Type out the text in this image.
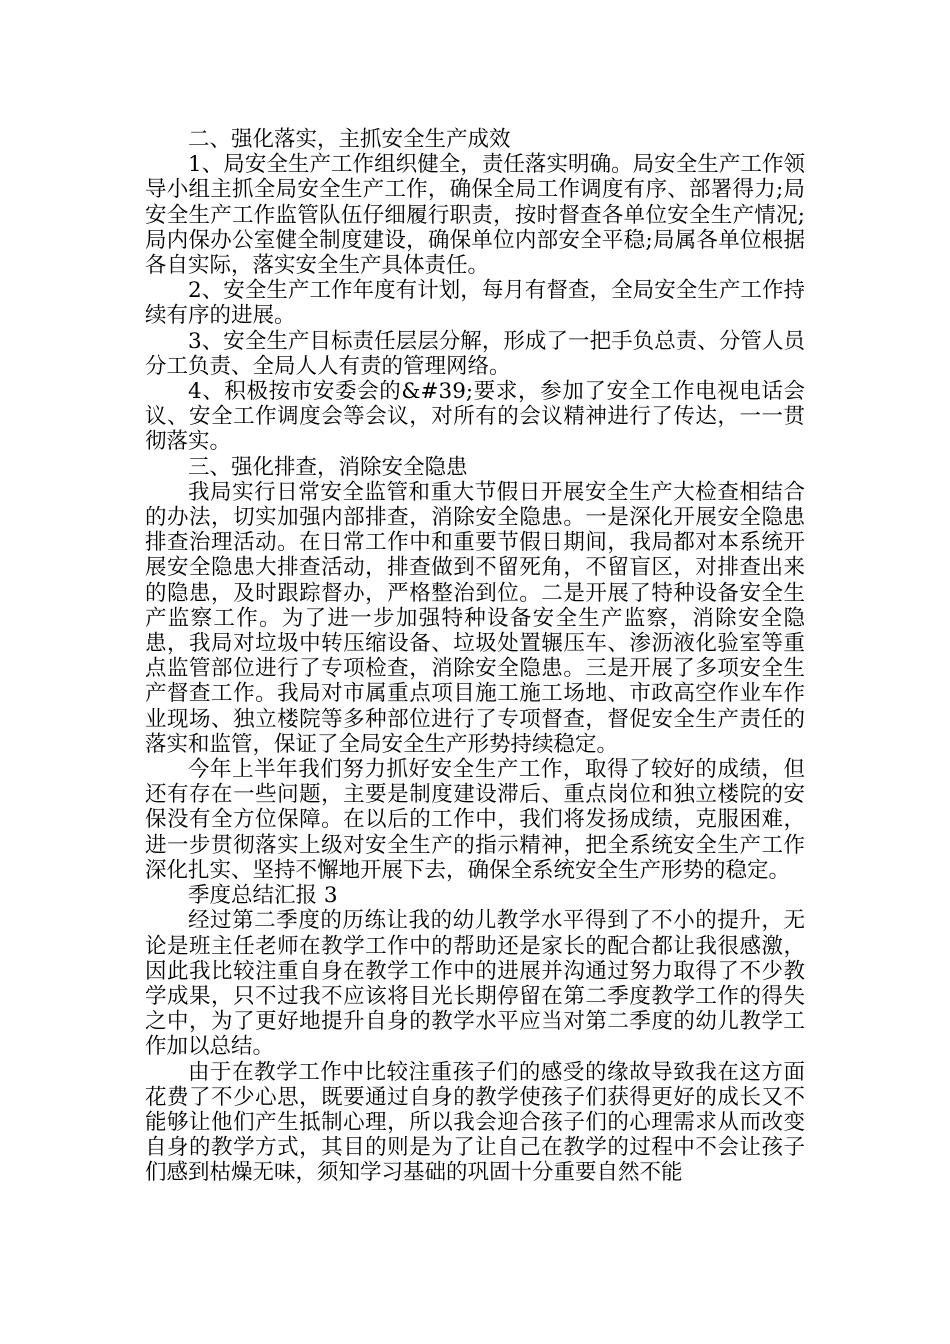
二、强化落实，主抓安全生产成效

1、局安全生产工作组织健全，责任落实明确。局安全生产工作领导小组主抓全局安全生产工作，确保全局工作调度有序、部署得力;局安全生产工作监管队伍仔细履行职责，按时督查各单位安全生产情况;局内保办公室健全制度建设，确保单位内部安全平稳;局属各单位根据各自实际，落实安全生产具体责任。

2、安全生产工作年度有计划，每月有督查，全局安全生产工作持续有序的进展。

3、安全生产目标责任层层分解，形成了一把手负总责、分管人员分工负责、全局人人有责的管理网络。

4、积极按市安委会的&#39;要求，参加了安全工作电视电话会议、安全工作调度会等会议，对所有的会议精神进行了传达，一一贯彻落实。

三、强化排查，消除安全隐患

我局实行日常安全监管和重大节假日开展安全生产大检查相结合的办法，切实加强内部排查，消除安全隐患。一是深化开展安全隐患排查治理活动。在日常工作中和重要节假日期间，我局都对本系统开展安全隐患大排查活动，排查做到不留死角，不留盲区，对排查出来的隐患，及时跟踪督办，严格整治到位。二是开展了特种设备安全生产监察工作。为了进一步加强特种设备安全生产监察，消除安全隐患，我局对垃圾中转压缩设备、垃圾处置辗压车、渗沥液化验室等重点监管部位进行了专项检查，消除安全隐患。三是开展了多项安全生产督查工作。我局对市属重点项目施工施工场地、市政高空作业车作业现场、独立楼院等多种部位进行了专项督查，督促安全生产责任的落实和监管，保证了全局安全生产形势持续稳定。

今年上半年我们努力抓好安全生产工作，取得了较好的成绩，但还有存在一些问题，主要是制度建设滞后、重点岗位和独立楼院的安保没有全方位保障。在以后的工作中，我们将发扬成绩，克服困难，进一步贯彻落实上级对安全生产的指示精神，把全系统安全生产工作深化扎实、坚持不懈地开展下去，确保全系统安全生产形势的稳定。

季度总结汇报 3

经过第二季度的历练让我的幼儿教学水平得到了不小的提升，无论是班主任老师在教学工作中的帮助还是家长的配合都让我很感激，因此我比较注重自身在教学工作中的进展并沟通过努力取得了不少教学成果，只不过我不应该将目光长期停留在第二季度教学工作的得失之中，为了更好地提升自身的教学水平应当对第二季度的幼儿教学工作加以总结。

由于在教学工作中比较注重孩子们的感受的缘故导致我在这方面花费了不少心思，既要通过自身的教学使孩子们获得更好的成长又不能够让他们产生抵制心理，所以我会迎合孩子们的心理需求从而改变自身的教学方式，其目的则是为了让自己在教学的过程中不会让孩子们感到枯燥无味，须知学习基础的巩固十分重要自然不能
